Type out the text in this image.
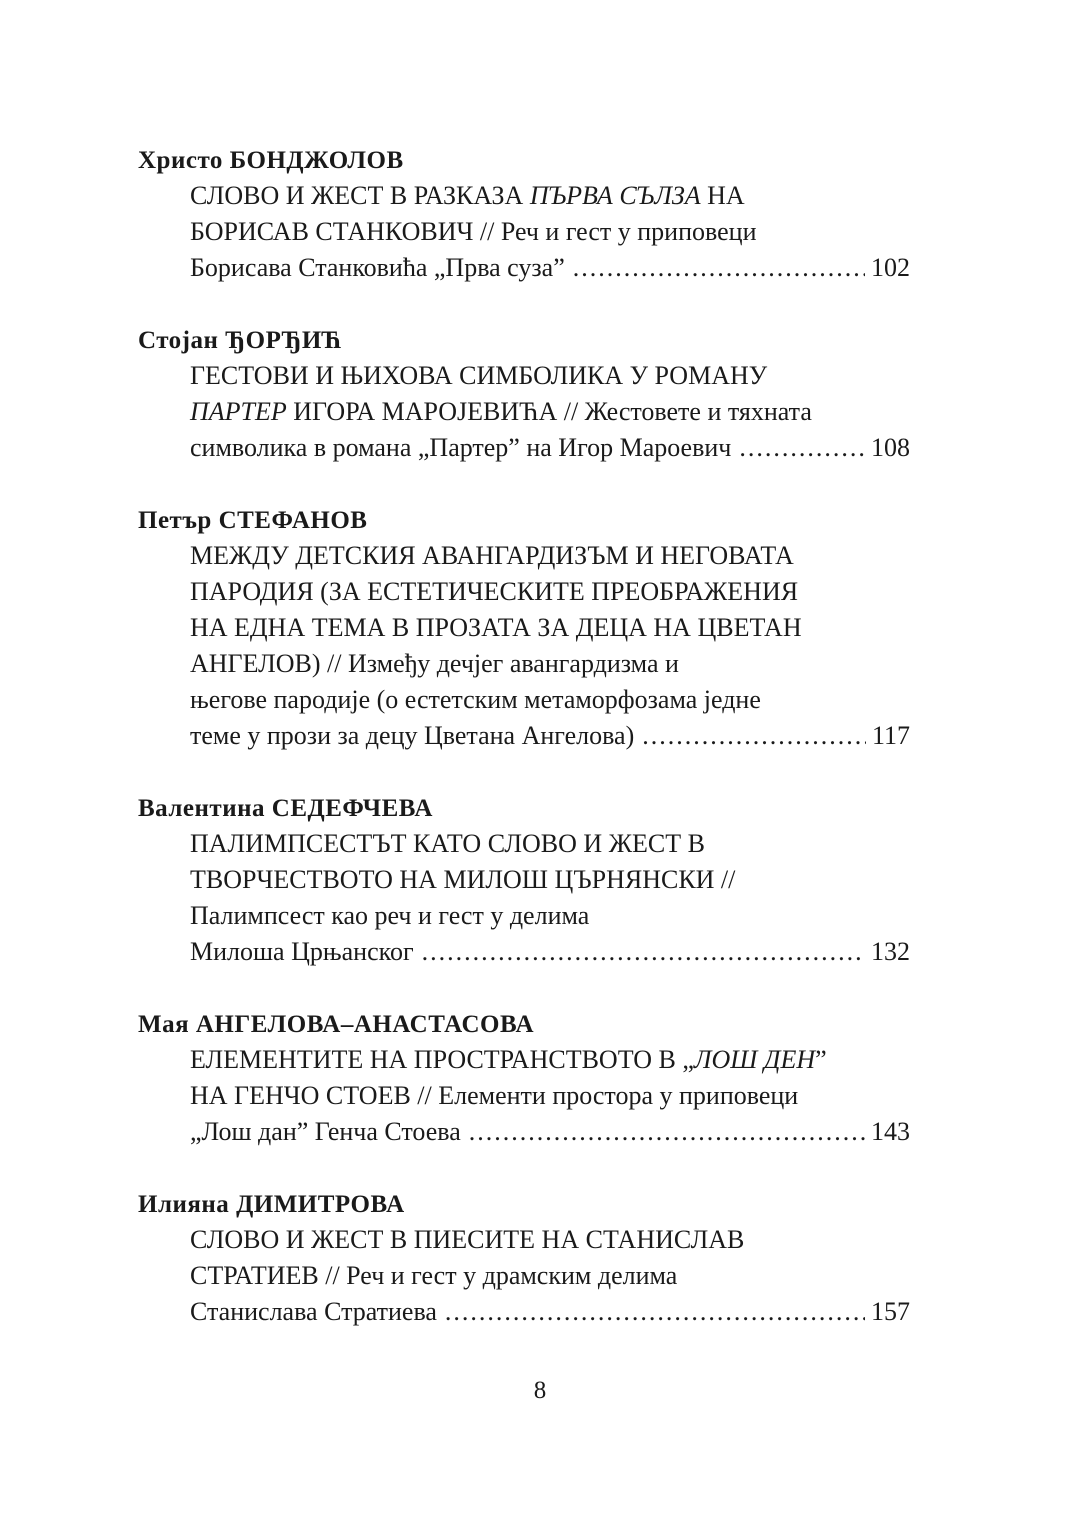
Христо БОНДЖОЛОВ
СЛОВО И ЖЕСТ В РАЗКАЗА ПЪРВА СЪЛЗА НА
БОРИСАВ СТАНКОВИЧ // Реч и гест у приповеци
Борисава Станковића „Прва суза” .....	102
Стојан ЂОРЂИЋ
ГЕСТОВИ И ЊИХОВА СИМБОЛИКА У РОМАНУ
ПАРТЕР ИГОРА МАРОЈЕВИЋА // Жестовете и тяхната
символика в романа „Партер” на Игор Мароевич .....	108
Петър СТЕФАНОВ
МЕЖДУ ДЕТСКИЯ АВАНГАРДИЗЪМ И НЕГОВАТА
ПАРОДИЯ (ЗА ЕСТЕТИЧЕСКИТЕ ПРЕОБРАЖЕНИЯ
НА ЕДНА ТЕМА В ПРОЗАТА ЗА ДЕЦА НА ЦВЕТАН
АНГЕЛОВ) // Између дечјег авангардизма и
његове пародије (о естетским метаморфозама једне
теме у прози за децу Цветана Ангелова) .....	117
Валентина СЕДЕФЧЕВА
ПАЛИМПСЕСТЪТ КАТО СЛОВО И ЖЕСТ В
ТВОРЧЕСТВОТО НА МИЛОШ ЦЪРНЯНСКИ //
Палимпсест као реч и гест у делима
Милоша Црњанског .....	132
Мая АНГЕЛОВА–АНАСТАСОВА
ЕЛЕМЕНТИТЕ НА ПРОСТРАНСТВОТО В „ЛОШ ДЕН”
НА ГЕНЧО СТОЕВ // Елементи простора у приповеци
„Лош дан” Генча Стоева .....	143
Илияна ДИМИТРОВА
СЛОВО И ЖЕСТ В ПИЕСИТЕ НА СТАНИСЛАВ
СТРАТИЕВ // Реч и гест у драмским делима
Станислава Стратиева .....	157
8
